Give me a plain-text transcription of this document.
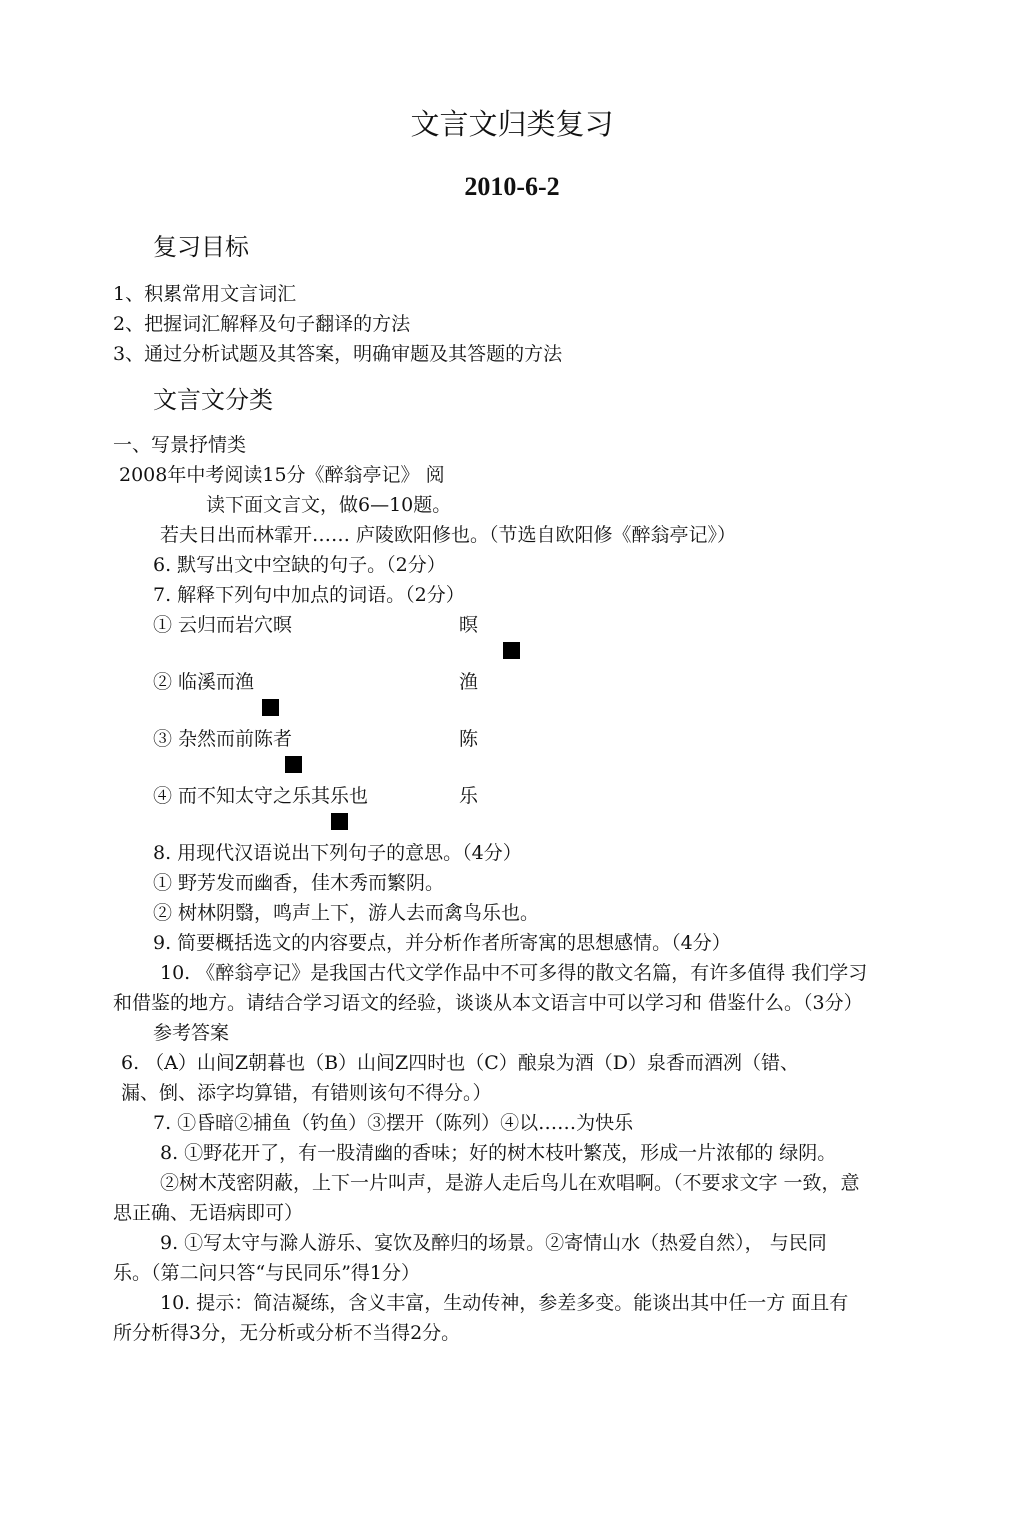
文言文归类复习
2010-6-2
复习目标
1、积累常用文言词汇
2、把握词汇解释及句子翻译的方法
3、通过分析试题及其答案，明确审题及其答题的方法
文言文分类
一、写景抒情类
2008年中考阅读15分《醉翁亭记》 阅
读下面文言文，做6—10题。
若夫日出而林霏开…… 庐陵欧阳修也。（节选自欧阳修《醉翁亭记》）
6. 默写出文中空缺的句子。（2分）
7. 解释下列句中加点的词语。（2分）
① 云归而岩穴暝	暝
② 临溪而渔	渔
③ 杂然而前陈者	陈
④ 而不知太守之乐其乐也	乐
8. 用现代汉语说出下列句子的意思。（4分）
① 野芳发而幽香，佳木秀而繁阴。
② 树林阴翳，鸣声上下，游人去而禽鸟乐也。
9. 简要概括选文的内容要点，并分析作者所寄寓的思想感情。（4分）
10. 《醉翁亭记》是我国古代文学作品中不可多得的散文名篇，有许多值得 我们学习
和借鉴的地方。请结合学习语文的经验，谈谈从本文语言中可以学习和 借鉴什么。（3分）
参考答案
6. （A）山间Z朝暮也（B）山间Z四时也（C）酿泉为酒（D）泉香而酒冽（错、
漏、倒、添字均算错，有错则该句不得分。）
7. ①昏暗②捕鱼（钓鱼）③摆开（陈列）④以……为快乐
8. ①野花开了，有一股清幽的香味；好的树木枝叶繁茂，形成一片浓郁的 绿阴。
②树木茂密阴蔽，上下一片叫声，是游人走后鸟儿在欢唱啊。（不要求文字 一致，意
思正确、无语病即可）
9. ①写太守与滁人游乐、宴饮及醉归的场景。②寄情山水（热爱自然）， 与民同
乐。（第二问只答“与民同乐”得1分）
10. 提示：简洁凝练，含义丰富，生动传神，参差多变。能谈出其中任一方 面且有
所分析得3分，无分析或分析不当得2分。
